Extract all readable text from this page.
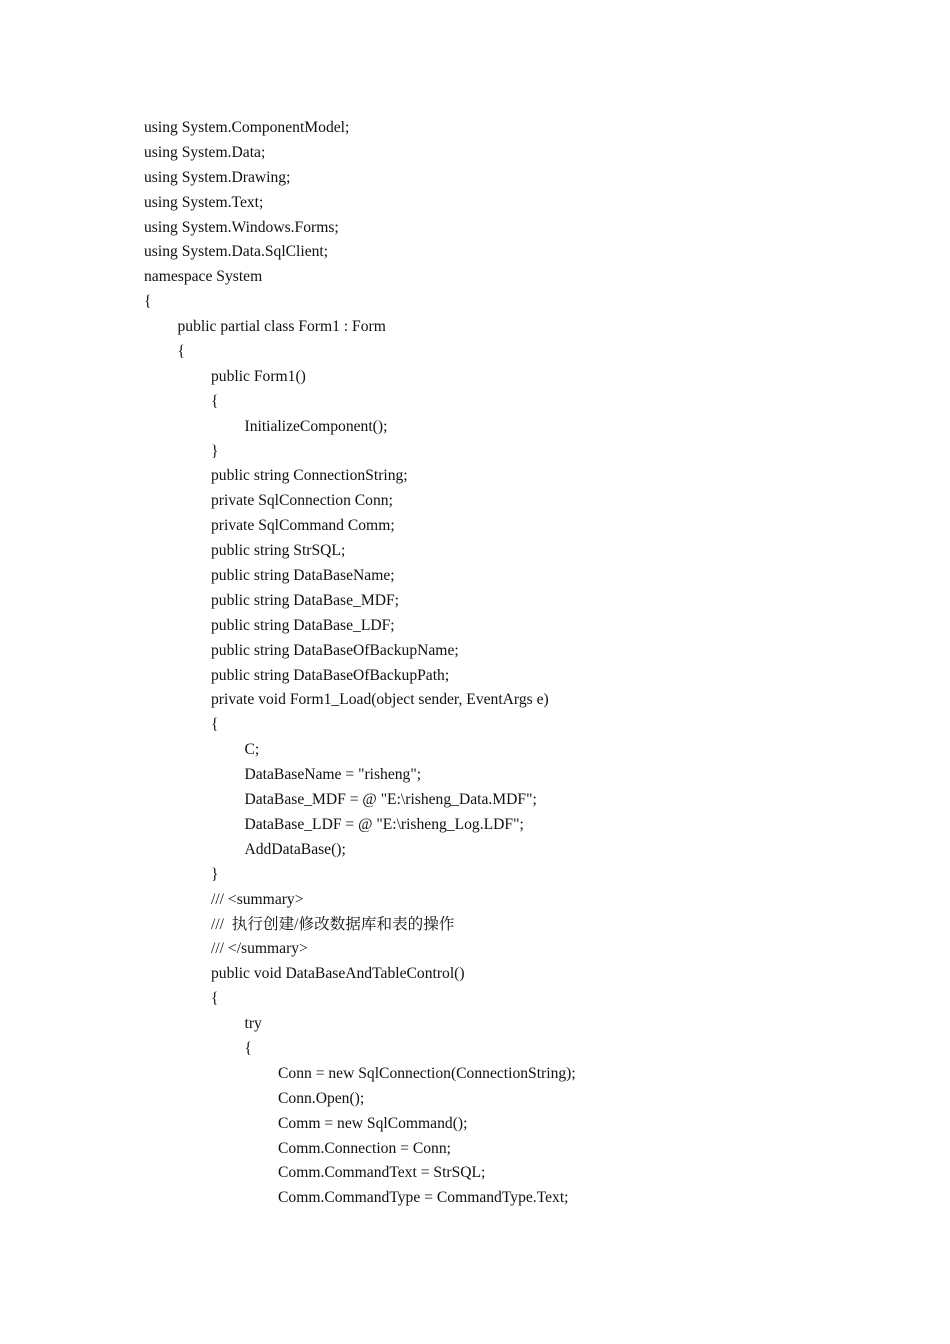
using System.ComponentModel;
using System.Data;
using System.Drawing;
using System.Text;
using System.Windows.Forms;
using System.Data.SqlClient;
namespace System
{
public partial class Form1 : Form
{
public Form1()
{
InitializeComponent();
}
public string ConnectionString;
private SqlConnection Conn;
private SqlCommand Comm;
public string StrSQL;
public string DataBaseName;
public string DataBase_MDF;
public string DataBase_LDF;
public string DataBaseOfBackupName;
public string DataBaseOfBackupPath;
private void Form1_Load(object sender, EventArgs e)
{
C;
DataBaseName = "risheng";
DataBase_MDF = @ "E:\risheng_Data.MDF";
DataBase_LDF = @ "E:\risheng_Log.LDF";
AddDataBase();
}
/// <summary>
///  执行创建/修改数据库和表的操作
/// </summary>
public void DataBaseAndTableControl()
{
try
{
Conn = new SqlConnection(ConnectionString);
Conn.Open();
Comm = new SqlCommand();
Comm.Connection = Conn;
Comm.CommandText = StrSQL;
Comm.CommandType = CommandType.Text;
